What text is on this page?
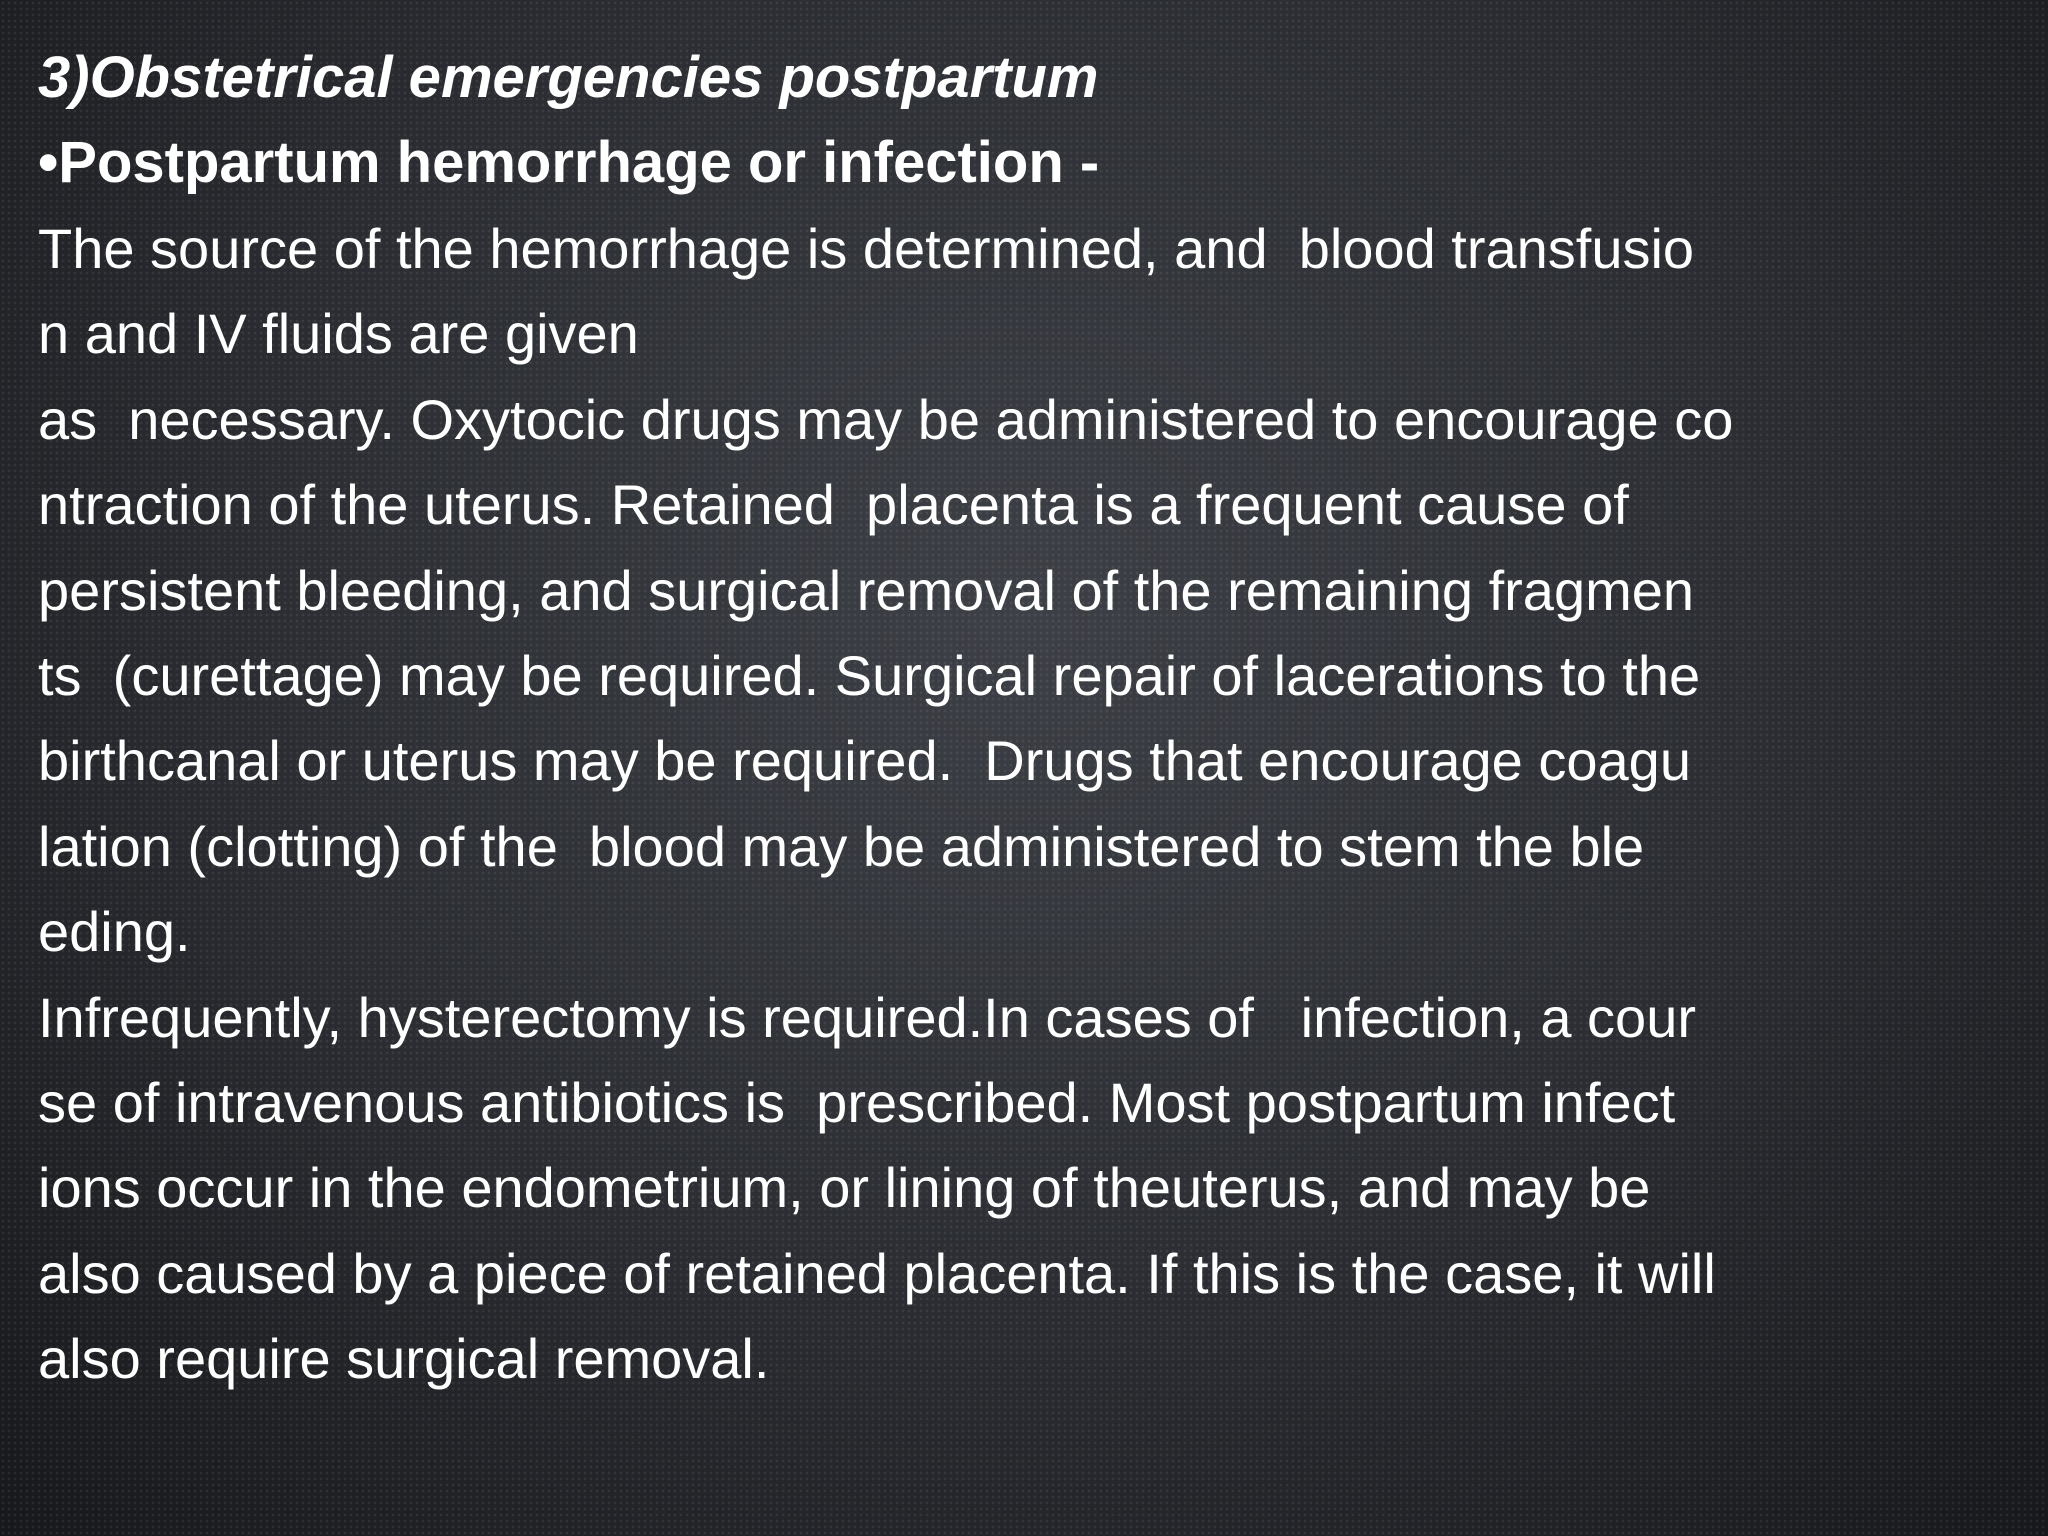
3)Obstetrical emergencies postpartum

•Postpartum hemorrhage or infection -

The source of the hemorrhage is determined, and  blood transfusio

n and IV fluids are given

as  necessary. Oxytocic drugs may be administered to encourage co

ntraction of the uterus. Retained  placenta is a frequent cause of

persistent bleeding, and surgical removal of the remaining fragmen

ts  (curettage) may be required. Surgical repair of lacerations to the

birthcanal or uterus may be required.  Drugs that encourage coagu

lation (clotting) of the  blood may be administered to stem the ble

eding.

Infrequently, hysterectomy is required.In cases of   infection, a cour

se of intravenous antibiotics is  prescribed. Most postpartum infect

ions occur in the endometrium, or lining of theuterus, and may be

also caused by a piece of retained placenta. If this is the case, it will

also require surgical removal.
